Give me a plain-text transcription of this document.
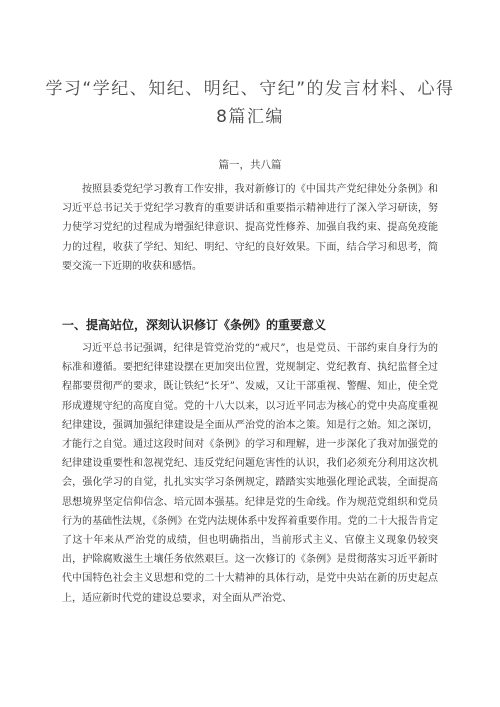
学习“学纪、知纪、明纪、守纪”的发言材料、心得8篇汇编
篇一，共八篇

按照县委党纪学习教育工作安排，我对新修订的《中国共产党纪律处分条例》和习近平总书记关于党纪学习教育的重要讲话和重要指示精神进行了深入学习研读，努力使学习党纪的过程成为增强纪律意识、提高党性修养、加强自我约束、提高免疫能力的过程，收获了学纪、知纪、明纪、守纪的良好效果。下面，结合学习和思考，简要交流一下近期的收获和感悟。

一、提高站位，深刻认识修订《条例》的重要意义

习近平总书记强调，纪律是管党治党的“戒尺”，也是党员、干部约束自身行为的标准和遵循。要把纪律建设摆在更加突出位置，党规制定、党纪教育、执纪监督全过程都要贯彻严的要求，既让铁纪“长牙”、发威，又让干部重视、警醒、知止，使全党形成遵规守纪的高度自觉。党的十八大以来，以习近平同志为核心的党中央高度重视纪律建设，强调加强纪律建设是全面从严治党的治本之策。知是行之始。知之深切，才能行之自觉。通过这段时间对《条例》的学习和理解，进一步深化了我对加强党的纪律建设重要性和忽视党纪、违反党纪问题危害性的认识，我们必须充分利用这次机会，强化学习的自觉，扎扎实实学习条例规定，踏踏实实地强化理论武装，全面提高思想境界坚定信仰信念、培元固本强基。纪律是党的生命线。作为规范党组织和党员行为的基础性法规，《条例》在党内法规体系中发挥着重要作用。党的二十大报告肯定了这十年来从严治党的成绩，但也明确指出，当前形式主义、官僚主义现象仍较突出，护除腐败滋生土壤任务依然艰巨。这一次修订的《条例》是贯彻落实习近平新时代中国特色社会主义思想和党的二十大精神的具体行动，是党中央站在新的历史起点上，适应新时代党的建设总要求，对全面从严治党、
